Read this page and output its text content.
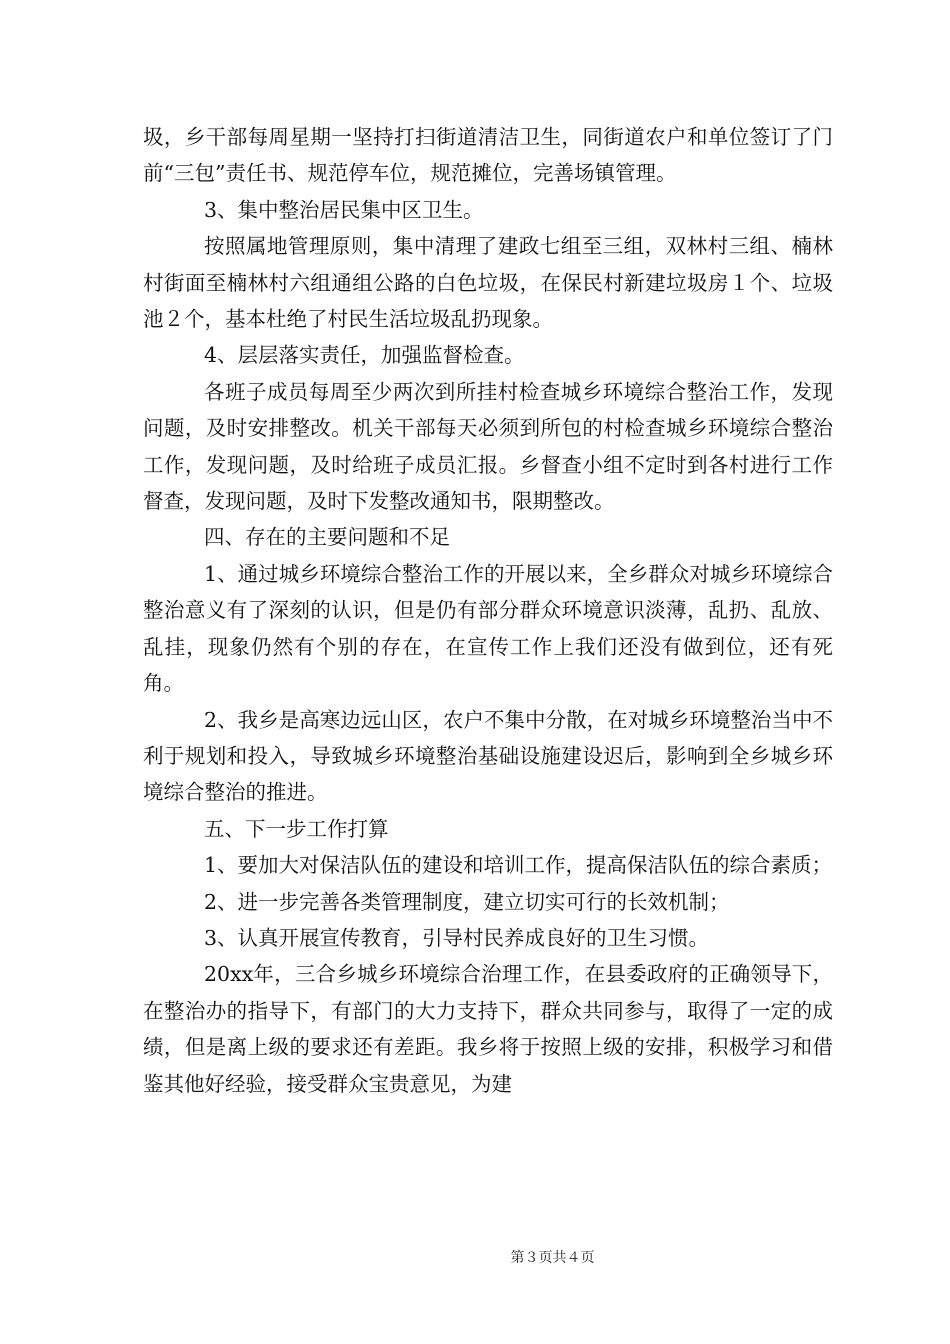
圾，乡干部每周星期一坚持打扫街道清洁卫生，同街道农户和单位签订了门前“三包”责任书、规范停车位，规范摊位，完善场镇管理。

3、集中整治居民集中区卫生。

按照属地管理原则，集中清理了建政七组至三组，双林村三组、楠林村街面至楠林村六组通组公路的白色垃圾，在保民村新建垃圾房１个、垃圾池２个，基本杜绝了村民生活垃圾乱扔现象。

4、层层落实责任，加强监督检查。

各班子成员每周至少两次到所挂村检查城乡环境综合整治工作，发现问题，及时安排整改。机关干部每天必须到所包的村检查城乡环境综合整治工作，发现问题，及时给班子成员汇报。乡督查小组不定时到各村进行工作督查，发现问题，及时下发整改通知书，限期整改。

四、存在的主要问题和不足

1、通过城乡环境综合整治工作的开展以来，全乡群众对城乡环境综合整治意义有了深刻的认识，但是仍有部分群众环境意识淡薄，乱扔、乱放、乱挂，现象仍然有个别的存在，在宣传工作上我们还没有做到位，还有死角。

2、我乡是高寒边远山区，农户不集中分散，在对城乡环境整治当中不利于规划和投入，导致城乡环境整治基础设施建设迟后，影响到全乡城乡环境综合整治的推进。

五、下一步工作打算

1、要加大对保洁队伍的建设和培训工作，提高保洁队伍的综合素质；

2、进一步完善各类管理制度，建立切实可行的长效机制；

3、认真开展宣传教育，引导村民养成良好的卫生习惯。

20xx年，三合乡城乡环境综合治理工作，在县委政府的正确领导下，在整治办的指导下，有部门的大力支持下，群众共同参与，取得了一定的成绩，但是离上级的要求还有差距。我乡将于按照上级的安排，积极学习和借鉴其他好经验，接受群众宝贵意见，为建

第３页共４页
